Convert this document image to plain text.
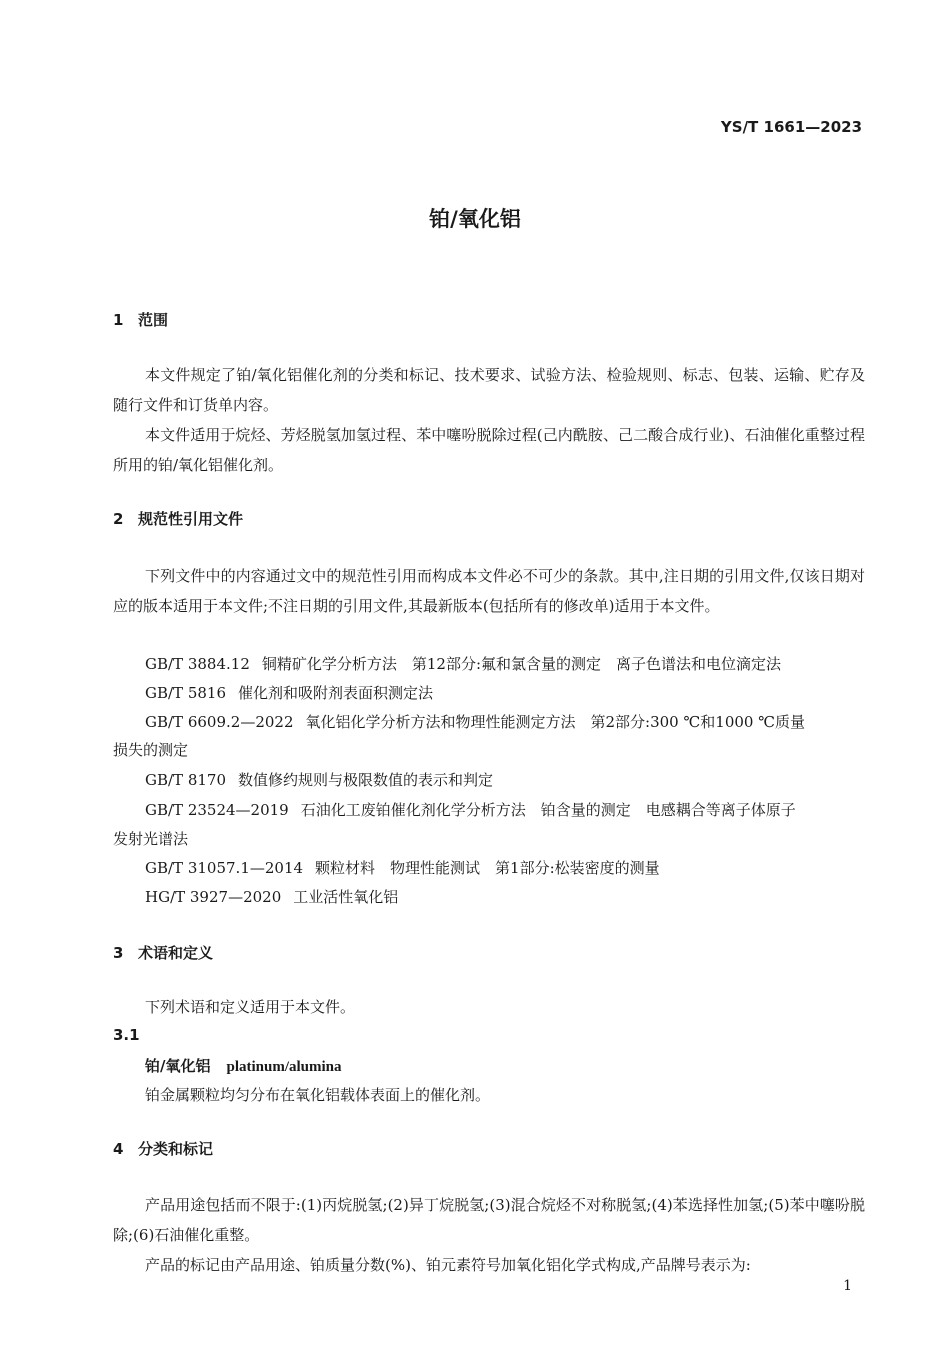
YS/T 1661—2023
铂/氧化铝
1 范围
本文件规定了铂/氧化铝催化剂的分类和标记、技术要求、试验方法、检验规则、标志、包装、运输、贮存及随行文件和订货单内容。
本文件适用于烷烃、芳烃脱氢加氢过程、苯中噻吩脱除过程(己内酰胺、己二酸合成行业)、石油催化重整过程所用的铂/氧化铝催化剂。
2 规范性引用文件
下列文件中的内容通过文中的规范性引用而构成本文件必不可少的条款。其中,注日期的引用文件,仅该日期对应的版本适用于本文件;不注日期的引用文件,其最新版本(包括所有的修改单)适用于本文件。
GB/T 3884.12 铜精矿化学分析方法　第12部分:氟和氯含量的测定　离子色谱法和电位滴定法
GB/T 5816 催化剂和吸附剂表面积测定法
GB/T 6609.2—2022 氧化铝化学分析方法和物理性能测定方法　第2部分:300 ℃和1000 ℃质量
损失的测定
GB/T 8170 数值修约规则与极限数值的表示和判定
GB/T 23524—2019 石油化工废铂催化剂化学分析方法　铂含量的测定　电感耦合等离子体原子
发射光谱法
GB/T 31057.1—2014 颗粒材料　物理性能测试　第1部分:松装密度的测量
HG/T 3927—2020 工业活性氧化铝
3 术语和定义
下列术语和定义适用于本文件。
3.1
铂/氧化铝 platinum/alumina
铂金属颗粒均匀分布在氧化铝载体表面上的催化剂。
4 分类和标记
产品用途包括而不限于:(1)丙烷脱氢;(2)异丁烷脱氢;(3)混合烷烃不对称脱氢;(4)苯选择性加氢;(5)苯中噻吩脱除;(6)石油催化重整。
产品的标记由产品用途、铂质量分数(%)、铂元素符号加氧化铝化学式构成,产品牌号表示为:
1
